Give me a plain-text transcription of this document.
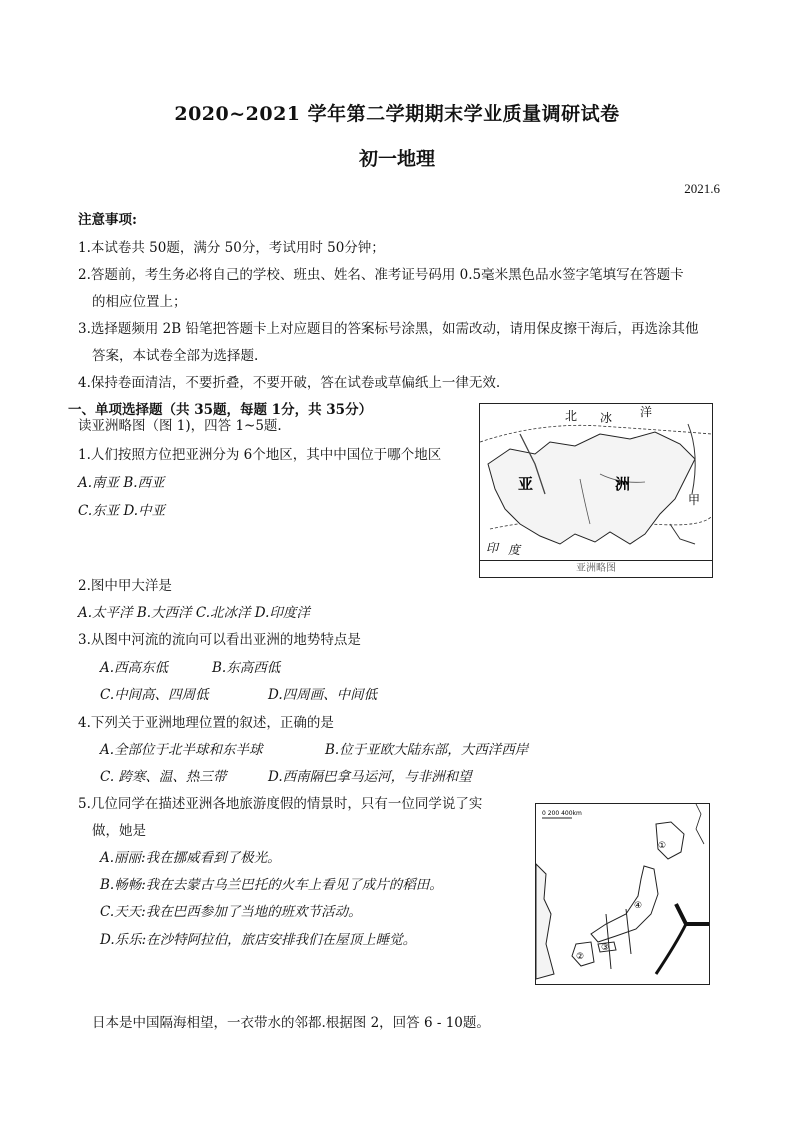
2020~2021 学年第二学期期末学业质量调研试卷
初一地理
2021.6
注意事项:
1.本试卷共 50题，满分 50分，考试用时 50分钟；
2.答题前，考生务必将自己的学校、班虫、姓名、准考证号码用 0.5毫米黑色品水签字笔填写在答题卡
的相应位置上；
3.选择题频用 2B 铅笔把答题卡上对应题目的答案标号涂黑，如需改动，请用保皮擦干海后，再选涂其他
答案，本试卷全部为选择题.
4.保持卷面清洁，不要折叠，不要开破，答在试卷或草偏纸上一律无效.
一、单项选择题（共 35题，每题 1分，共 35分）
读亚洲略图（图 1)，四答 1~5题.
1.人们按照方位把亚洲分为 6个地区，其中中国位于哪个地区
A.南亚 B.西亚
C.东亚 D.中亚
北 冰 洋
亚	洲
甲
印 度
亚洲略图
2.图中甲大洋是
A.太平洋 B.大西洋 C.北冰洋 D.印度洋
3.从图中河流的流向可以看出亚洲的地势特点是
A.西高东低	B.东高西低
C.中间高、四周低	D.四周画、中间低
4.下列关于亚洲地理位置的叙述，正确的是
A.全部位于北半球和东半球	B.位于亚欧大陆东部，大西洋西岸
C. 跨寒、温、热三带	D.西南隔巴拿马运河，与非洲和望
5.几位同学在描述亚洲各地旅游度假的情景时，只有一位同学说了实
做，她是
A.丽丽:我在挪威看到了极光。
B.畅畅:我在去蒙古乌兰巴托的火车上看见了成片的稻田。
C.天天:我在巴西参加了当地的班欢节活动。
D.乐乐:在沙特阿拉伯，旅店安排我们在屋顶上睡觉。
0 200 400km
①
②
③
④
日本是中国隔海相望，一衣带水的邻都.根据图 2，回答 6 - 10题。
